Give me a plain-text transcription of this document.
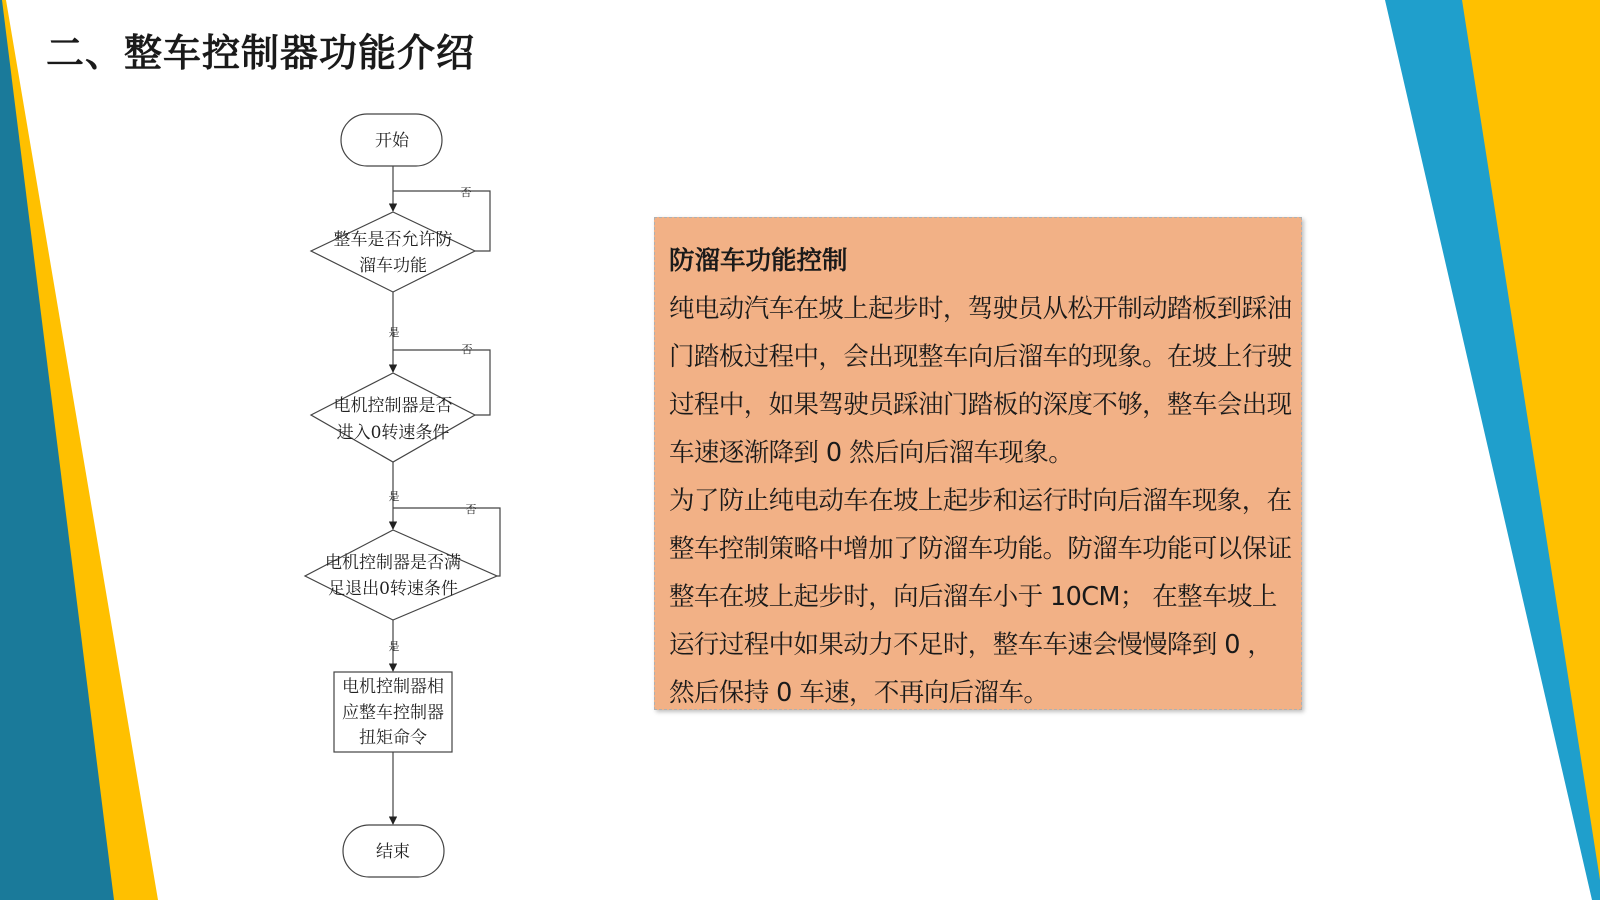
二、整车控制器功能介绍
开始
整车是否允许防
溜车功能
电机控制器是否
进入0转速条件
电机控制器是否满
足退出0转速条件
电机控制器相
应整车控制器
扭矩命令
结束
否
是
否
是
否
是
防溜车功能控制

纯电动汽车在坡上起步时，驾驶员从松开制动踏板到踩油门踏板过程中，会出现整车向后溜车的现象。在坡上行驶过程中，如果驾驶员踩油门踏板的深度不够，整车会出现车速逐渐降到 0 然后向后溜车现象。

为了防止纯电动车在坡上起步和运行时向后溜车现象，在整车控制策略中增加了防溜车功能。防溜车功能可以保证整车在坡上起步时，向后溜车小于 10CM； 在整车坡上运行过程中如果动力不足时，整车车速会慢慢降到 0 ，然后保持 0 车速，不再向后溜车。
